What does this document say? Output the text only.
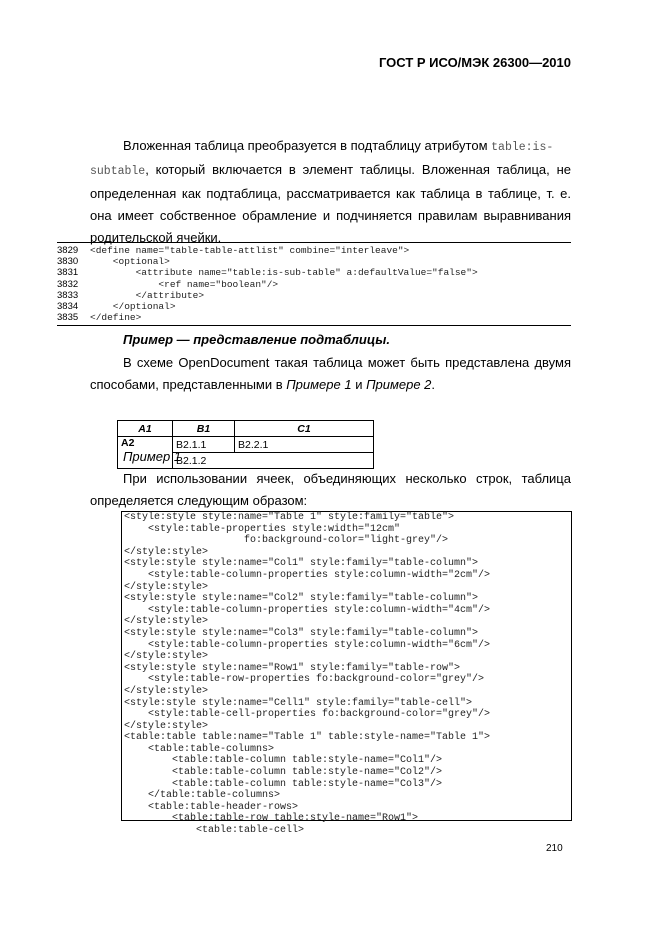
ГОСТ Р ИСО/МЭК 26300—2010
Вложенная таблица преобразуется в подтаблицу атрибутом table:is-
subtable, который включается в элемент таблицы. Вложенная таблица, не определенная как подтаблица, рассматривается как таблица в таблице, т. е. она имеет собственное обрамление и подчиняется правилам выравнивания родительской ячейки.
3829	<define name="table-table-attlist" combine="interleave">
3830	<optional>
3831	<attribute name="table:is-sub-table" a:defaultValue="false">
3832	<ref name="boolean"/>
3833	</attribute>
3834	</optional>
3835	</define>
Пример — представление подтаблицы.
В схеме OpenDocument такая таблица может быть представлена двумя способами, представленными в Примере 1 и Примере 2.
A1	B1	C1
A2	B2.1.1	B2.2.1
	B2.1.2	
Пример 1
При использовании ячеек, объединяющих несколько строк, таблица определяется следующим образом:
<style:style style:name="Table 1" style:family="table">
<style:table-properties style:width="12cm"
fo:background-color="light-grey"/>
</style:style>
<style:style style:name="Col1" style:family="table-column">
<style:table-column-properties style:column-width="2cm"/>
</style:style>
<style:style style:name="Col2" style:family="table-column">
<style:table-column-properties style:column-width="4cm"/>
</style:style>
<style:style style:name="Col3" style:family="table-column">
<style:table-column-properties style:column-width="6cm"/>
</style:style>
<style:style style:name="Row1" style:family="table-row">
<style:table-row-properties fo:background-color="grey"/>
</style:style>
<style:style style:name="Cell1" style:family="table-cell">
<style:table-cell-properties fo:background-color="grey"/>
</style:style>
<table:table table:name="Table 1" table:style-name="Table 1">
<table:table-columns>
<table:table-column table:style-name="Col1"/>
<table:table-column table:style-name="Col2"/>
<table:table-column table:style-name="Col3"/>
</table:table-columns>
<table:table-header-rows>
<table:table-row table:style-name="Row1">
<table:table-cell>
210
